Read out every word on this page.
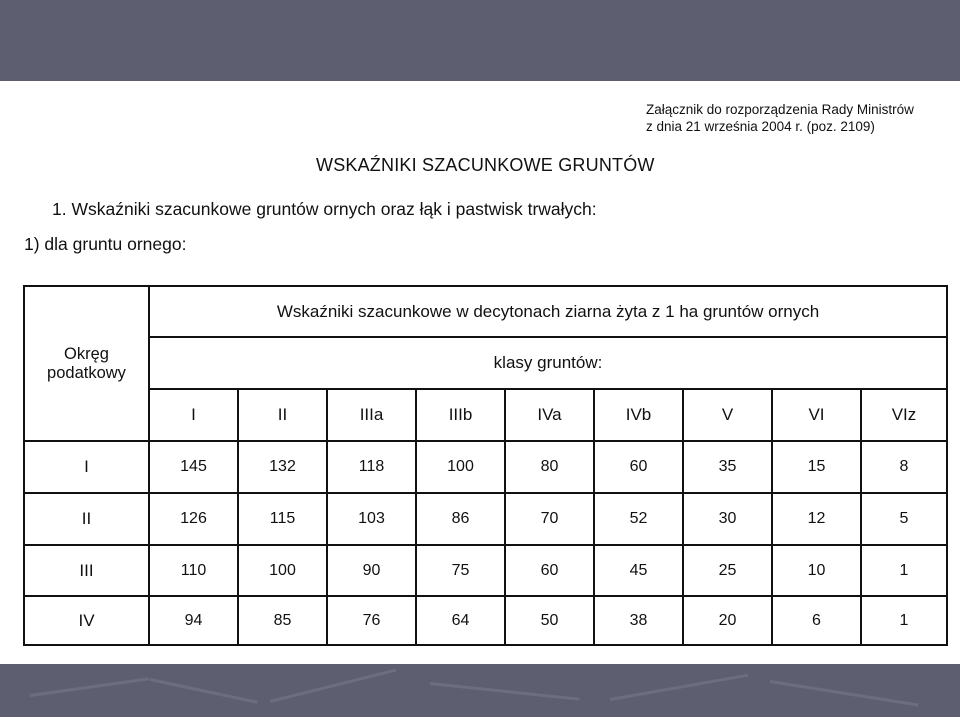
Załącznik do rozporządzenia Rady Ministrów
z dnia 21 września 2004 r. (poz. 2109)
WSKAŹNIKI SZACUNKOWE GRUNTÓW
1. Wskaźniki szacunkowe gruntów ornych oraz łąk i pastwisk trwałych:
1) dla gruntu ornego:
Okręg
podatkowy	Wskaźniki szacunkowe w decytonach ziarna żyta z 1 ha gruntów ornych								
	klasy gruntów:								
	I	II	IIIa	IIIb	IVa	IVb	V	VI	VIz
I	145	132	118	100	80	60	35	15	8
II	126	115	103	86	70	52	30	12	5
III	110	100	90	75	60	45	25	10	1
IV	94	85	76	64	50	38	20	6	1
